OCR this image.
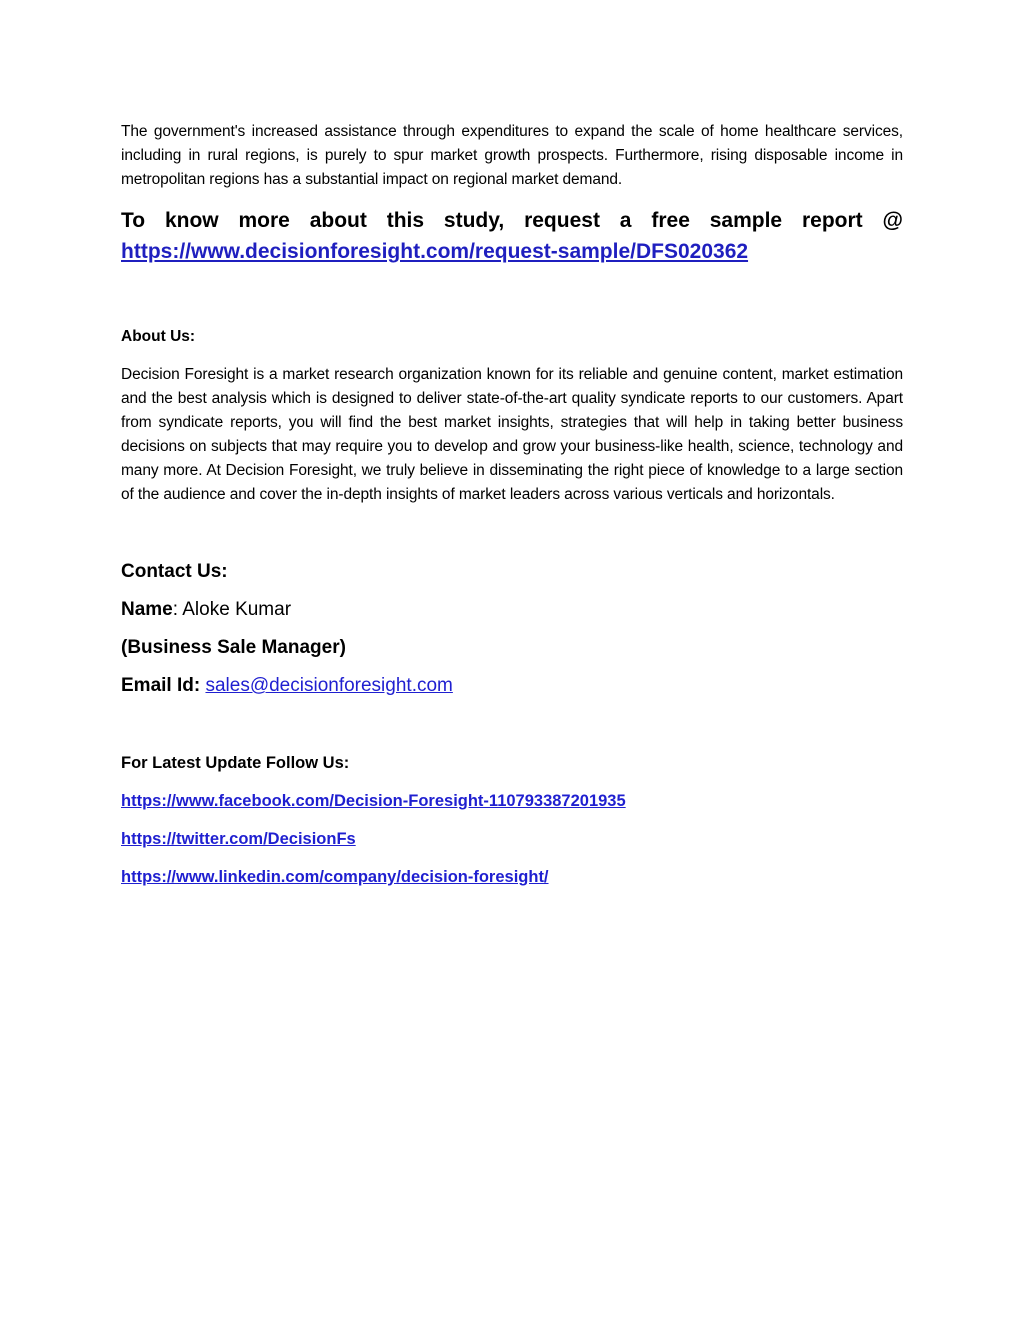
The government's increased assistance through expenditures to expand the scale of home healthcare services, including in rural regions, is purely to spur market growth prospects. Furthermore, rising disposable income in metropolitan regions has a substantial impact on regional market demand.

To know more about this study, request a free sample report @

https://www.decisionforesight.com/request-sample/DFS020362

About Us:

Decision Foresight is a market research organization known for its reliable and genuine content, market estimation and the best analysis which is designed to deliver state-of-the-art quality syndicate reports to our customers. Apart from syndicate reports, you will find the best market insights, strategies that will help in taking better business decisions on subjects that may require you to develop and grow your business-like health, science, technology and many more. At Decision Foresight, we truly believe in disseminating the right piece of knowledge to a large section of the audience and cover the in-depth insights of market leaders across various verticals and horizontals.

Contact Us:

Name: Aloke Kumar

(Business Sale Manager)

Email Id: sales@decisionforesight.com

For Latest Update Follow Us:

https://www.facebook.com/Decision-Foresight-110793387201935
https://twitter.com/DecisionFs
https://www.linkedin.com/company/decision-foresight/
